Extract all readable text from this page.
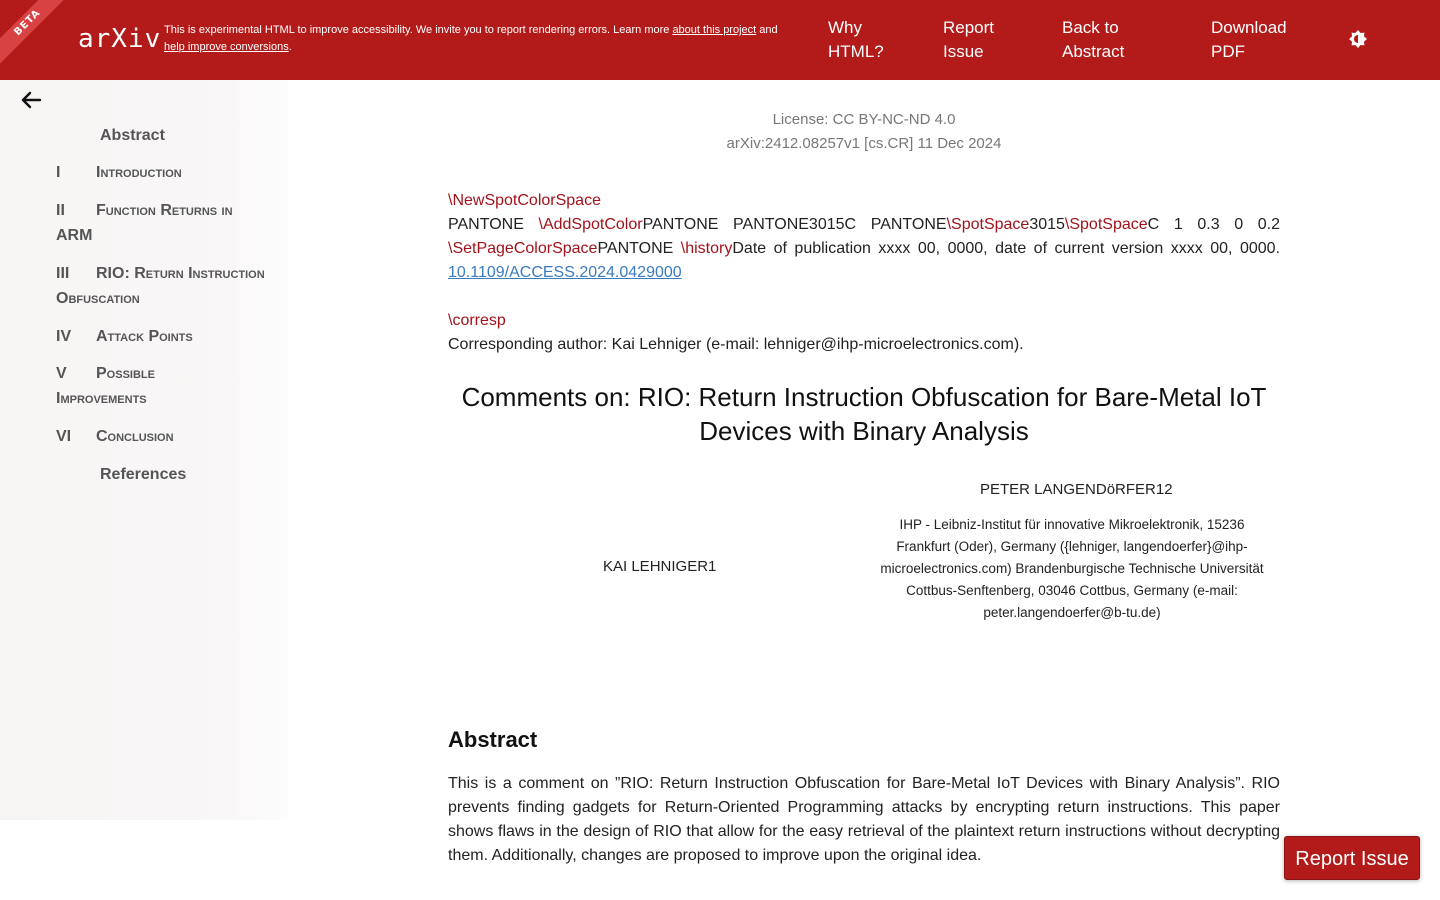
BETA
arXiv This is experimental HTML to improve accessibility. We invite you to report rendering errors. Learn more about this project and
help improve conversions.
Why
HTML?
Report
Issue
Back to
Abstract
Download
PDF
Abstract
I Introduction
II Function Returns in ARM
III RIO: Return Instruction Obfuscation
IV Attack Points
V Possible Improvements
VI Conclusion
References
License: CC BY-NC-ND 4.0
arXiv:2412.08257v1 [cs.CR] 11 Dec 2024
\NewSpotColorSpace
PANTONE \AddSpotColorPANTONE PANTONE3015C PANTONE\SpotSpace3015\SpotSpaceC 1 0.3 0 0.2 \SetPageColorSpacePANTONE \historyDate of publication xxxx 00, 0000, date of current version xxxx 00, 0000. 10.1109/ACCESS.2024.0429000
\corresp
Corresponding author: Kai Lehniger (e-mail: lehniger@ihp-microelectronics.com).
Comments on: RIO: Return Instruction Obfuscation for Bare-Metal IoT Devices with Binary Analysis
KAI LEHNIGER1
PETER LANGENDöRFER12
IHP - Leibniz-Institut für innovative Mikroelektronik, 15236 Frankfurt (Oder), Germany ({lehniger, langendoerfer}@ihp-microelectronics.com) Brandenburgische Technische Universität Cottbus-Senftenberg, 03046 Cottbus, Germany (e-mail: peter.langendoerfer@b-tu.de)
Abstract
This is a comment on ”RIO: Return Instruction Obfuscation for Bare-Metal IoT Devices with Binary Analysis”. RIO prevents finding gadgets for Return-Oriented Programming attacks by encrypting return instructions. This paper shows flaws in the design of RIO that allow for the easy retrieval of the plaintext return instructions without decrypting them. Additionally, changes are proposed to improve upon the original idea.	Report Issue
